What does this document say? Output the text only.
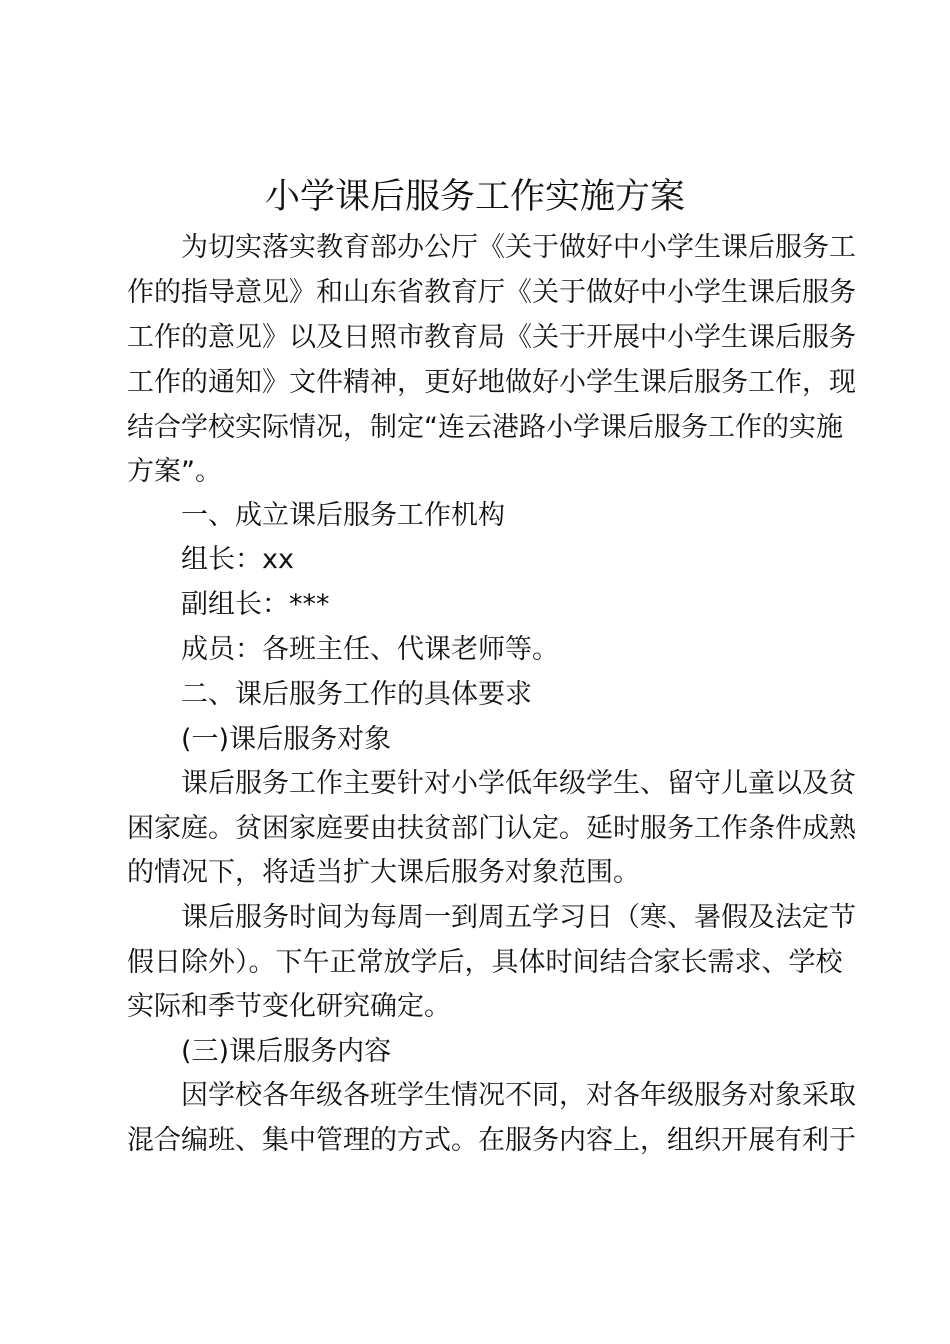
小学课后服务工作实施方案

为切实落实教育部办公厅《关于做好中小学生课后服务工

作的指导意见》和山东省教育厅《关于做好中小学生课后服务

工作的意见》以及日照市教育局《关于开展中小学生课后服务

工作的通知》文件精神，更好地做好小学生课后服务工作，现

结合学校实际情况，制定“连云港路小学课后服务工作的实施

方案”。

一、成立课后服务工作机构

组长：xx

副组长：***

成员：各班主任、代课老师等。

二、课后服务工作的具体要求

(一)课后服务对象

课后服务工作主要针对小学低年级学生、留守儿童以及贫

困家庭。贫困家庭要由扶贫部门认定。延时服务工作条件成熟

的情况下，将适当扩大课后服务对象范围。

课后服务时间为每周一到周五学习日（寒、暑假及法定节

假日除外）。下午正常放学后，具体时间结合家长需求、学校

实际和季节变化研究确定。

(三)课后服务内容

因学校各年级各班学生情况不同，对各年级服务对象采取

混合编班、集中管理的方式。在服务内容上，组织开展有利于
